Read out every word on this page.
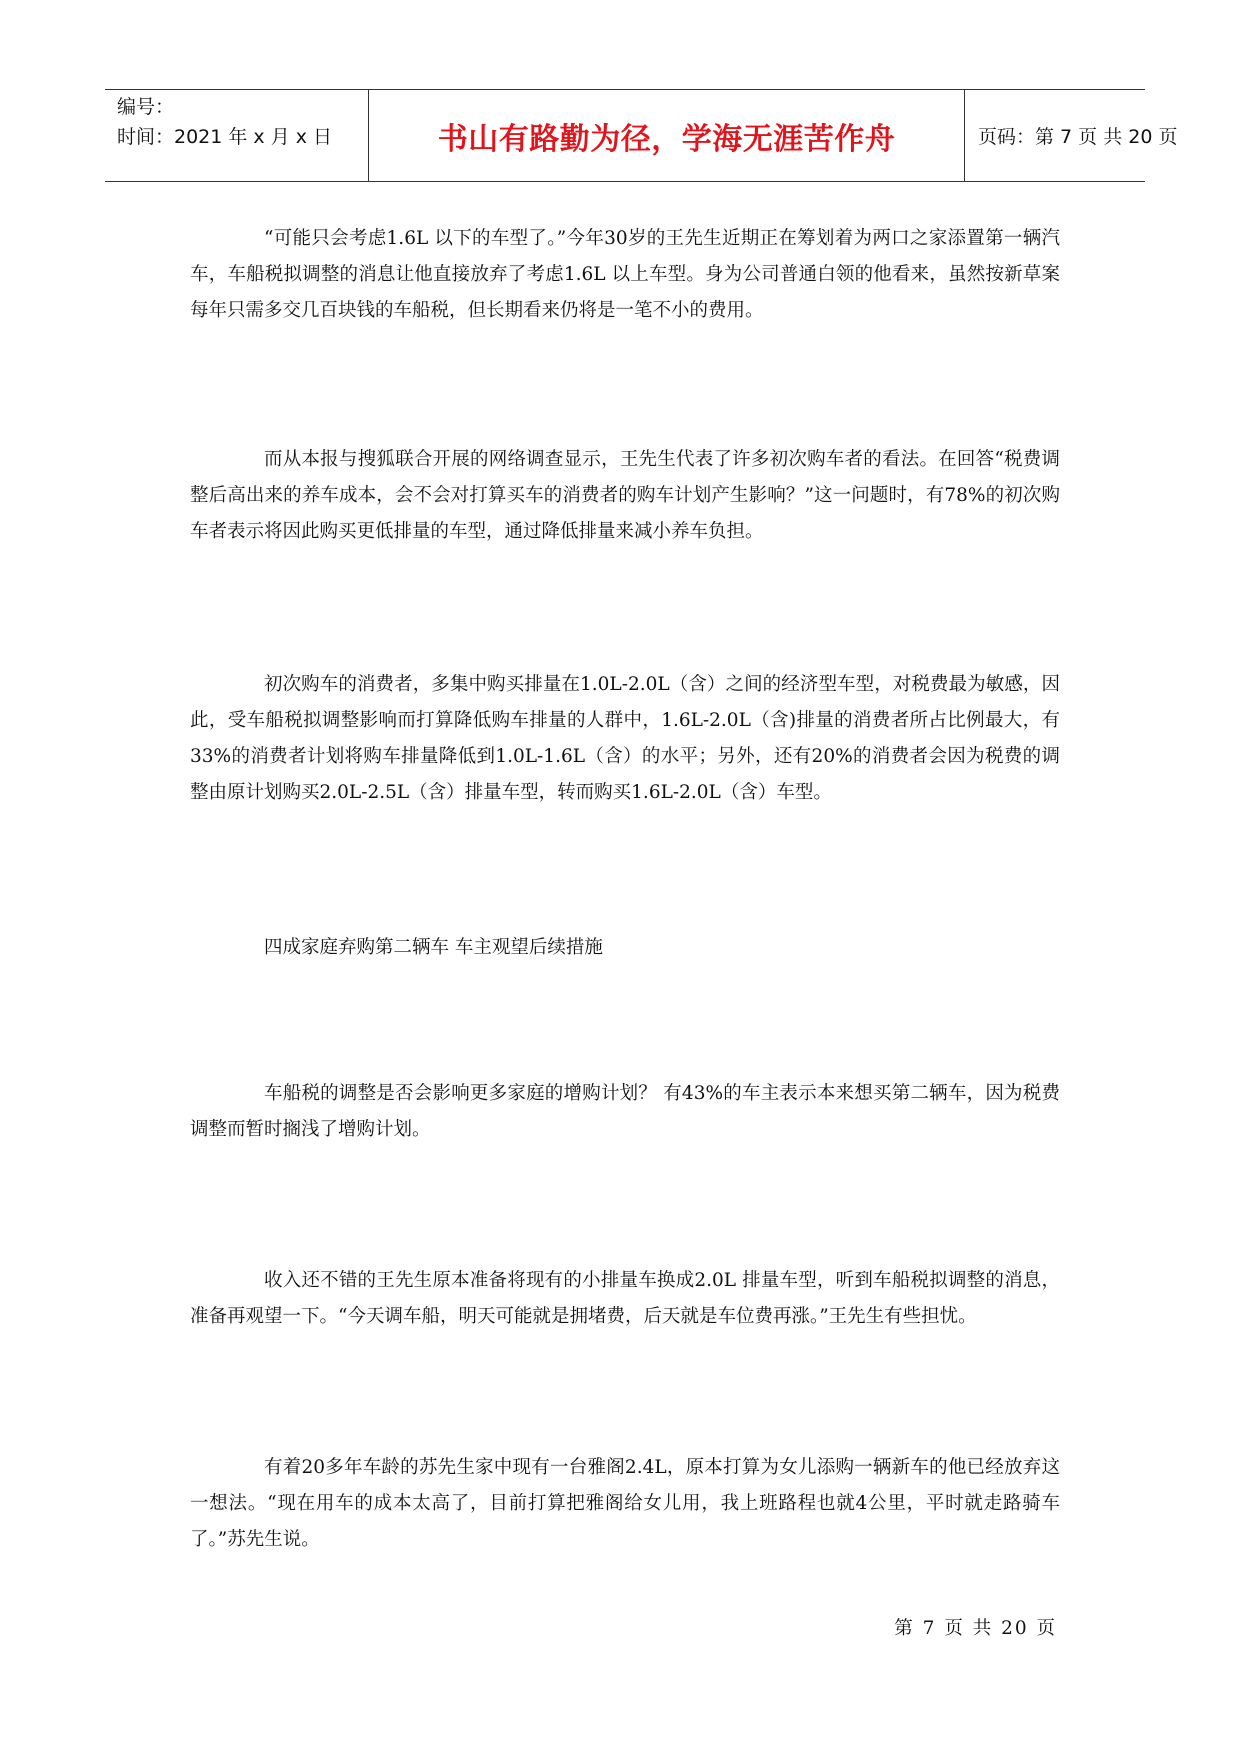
编号：
时间：2021 年 x 月 x 日	书山有路勤为径，学海无涯苦作舟	页码：第 7 页 共 20 页

“可能只会考虑1.6L 以下的车型了。”今年30岁的王先生近期正在筹划着为两口之家添置第一辆汽车，车船税拟调整的消息让他直接放弃了考虑1.6L 以上车型。身为公司普通白领的他看来，虽然按新草案每年只需多交几百块钱的车船税，但长期看来仍将是一笔不小的费用。

而从本报与搜狐联合开展的网络调查显示，王先生代表了许多初次购车者的看法。在回答“税费调整后高出来的养车成本，会不会对打算买车的消费者的购车计划产生影响？”这一问题时，有78%的初次购车者表示将因此购买更低排量的车型，通过降低排量来减小养车负担。

初次购车的消费者，多集中购买排量在1.0L-2.0L（含）之间的经济型车型，对税费最为敏感，因此，受车船税拟调整影响而打算降低购车排量的人群中，1.6L-2.0L（含)排量的消费者所占比例最大，有33%的消费者计划将购车排量降低到1.0L-1.6L（含）的水平；另外，还有20%的消费者会因为税费的调整由原计划购买2.0L-2.5L（含）排量车型，转而购买1.6L-2.0L（含）车型。

四成家庭弃购第二辆车 车主观望后续措施

车船税的调整是否会影响更多家庭的增购计划？ 有43%的车主表示本来想买第二辆车，因为税费调整而暂时搁浅了增购计划。

收入还不错的王先生原本准备将现有的小排量车换成2.0L 排量车型，听到车船税拟调整的消息，准备再观望一下。“今天调车船，明天可能就是拥堵费，后天就是车位费再涨。”王先生有些担忧。

有着20多年车龄的苏先生家中现有一台雅阁2.4L，原本打算为女儿添购一辆新车的他已经放弃这一想法。“现在用车的成本太高了，目前打算把雅阁给女儿用，我上班路程也就4公里，平时就走路骑车了。”苏先生说。

第 7 页 共 20 页
